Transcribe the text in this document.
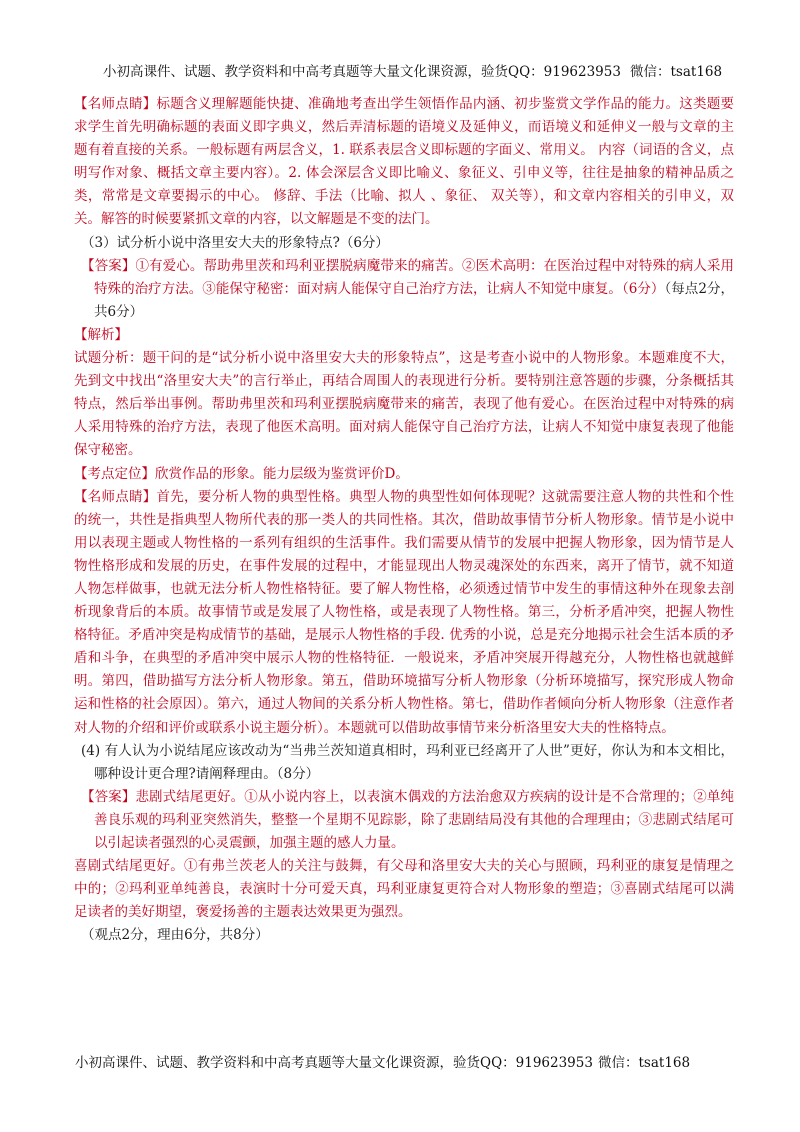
小初高课件、试题、教学资料和中高考真题等大量文化课资源，验货QQ：919623953 微信：tsat168

【名师点睛】标题含义理解题能快捷、准确地考查出学生领悟作品内涵、初步鉴赏文学作品的能力。这类题要求学生首先明确标题的表面义即字典义，然后弄清标题的语境义及延伸义，而语境义和延伸义一般与文章的主题有着直接的关系。一般标题有两层含义，1. 联系表层含义即标题的字面义、常用义。 内容（词语的含义，点明写作对象、概括文章主要内容）。2. 体会深层含义即比喻义、象征义、引申义等，往往是抽象的精神品质之类，常常是文章要揭示的中心。 修辞、手法（比喻、拟人 、象征、 双关等），和文章内容相关的引申义，双关。解答的时候要紧抓文章的内容，以文解题是不变的法门。

（3）试分析小说中洛里安大夫的形象特点?（6分）

【答案】①有爱心。帮助弗里茨和玛利亚摆脱病魔带来的痛苦。②医术高明：在医治过程中对特殊的病人采用特殊的治疗方法。③能保守秘密：面对病人能保守自己治疗方法，让病人不知觉中康复。（6分）（每点2分，共6分）

【解析】

试题分析：题干问的是“试分析小说中洛里安大夫的形象特点”，这是考查小说中的人物形象。本题难度不大，先到文中找出“洛里安大夫”的言行举止，再结合周围人的表现进行分析。要特别注意答题的步骤，分条概括其特点，然后举出事例。帮助弗里茨和玛利亚摆脱病魔带来的痛苦，表现了他有爱心。在医治过程中对特殊的病人采用特殊的治疗方法，表现了他医术高明。面对病人能保守自己治疗方法，让病人不知觉中康复表现了他能保守秘密。

【考点定位】欣赏作品的形象。能力层级为鉴赏评价D。

【名师点睛】首先，要分析人物的典型性格。典型人物的典型性如何体现呢？这就需要注意人物的共性和个性的统一，共性是指典型人物所代表的那一类人的共同性格。其次，借助故事情节分析人物形象。情节是小说中用以表现主题或人物性格的一系列有组织的生活事件。我们需要从情节的发展中把握人物形象，因为情节是人物性格形成和发展的历史，在事件发展的过程中，才能显现出人物灵魂深处的东西来，离开了情节，就不知道人物怎样做事，也就无法分析人物性格特征。要了解人物性格，必须透过情节中发生的事情这种外在现象去剖析现象背后的本质。故事情节或是发展了人物性格，或是表现了人物性格。第三，分析矛盾冲突，把握人物性格特征。矛盾冲突是构成情节的基础，是展示人物性格的手段. 优秀的小说，总是充分地揭示社会生活本质的矛盾和斗争，在典型的矛盾冲突中展示人物的性格特征．一般说来，矛盾冲突展开得越充分，人物性格也就越鲜明。第四，借助描写方法分析人物形象。第五，借助环境描写分析人物形象（分析环境描写，探究形成人物命运和性格的社会原因）。第六，通过人物间的关系分析人物性格。第七，借助作者倾向分析人物形象（注意作者对人物的介绍和评价或联系小说主题分析）。本题就可以借助故事情节来分析洛里安大夫的性格特点。

(4) 有人认为小说结尾应该改动为“当弗兰茨知道真相时，玛利亚已经离开了人世”更好，你认为和本文相比，哪种设计更合理?请阐释理由。（8分）

【答案】悲剧式结尾更好。①从小说内容上，以表演木偶戏的方法治愈双方疾病的设计是不合常理的；②单纯善良乐观的玛利亚突然消失，整整一个星期不见踪影，除了悲剧结局没有其他的合理理由；③悲剧式结尾可以引起读者强烈的心灵震颤，加强主题的感人力量。

喜剧式结尾更好。①有弗兰茨老人的关注与鼓舞，有父母和洛里安大夫的关心与照顾，玛利亚的康复是情理之中的；②玛利亚单纯善良，表演时十分可爱天真，玛利亚康复更符合对人物形象的塑造；③喜剧式结尾可以满足读者的美好期望，褒爱扬善的主题表达效果更为强烈。

（观点2分，理由6分，共8分）

小初高课件、试题、教学资料和中高考真题等大量文化课资源，验货QQ：919623953 微信：tsat168
